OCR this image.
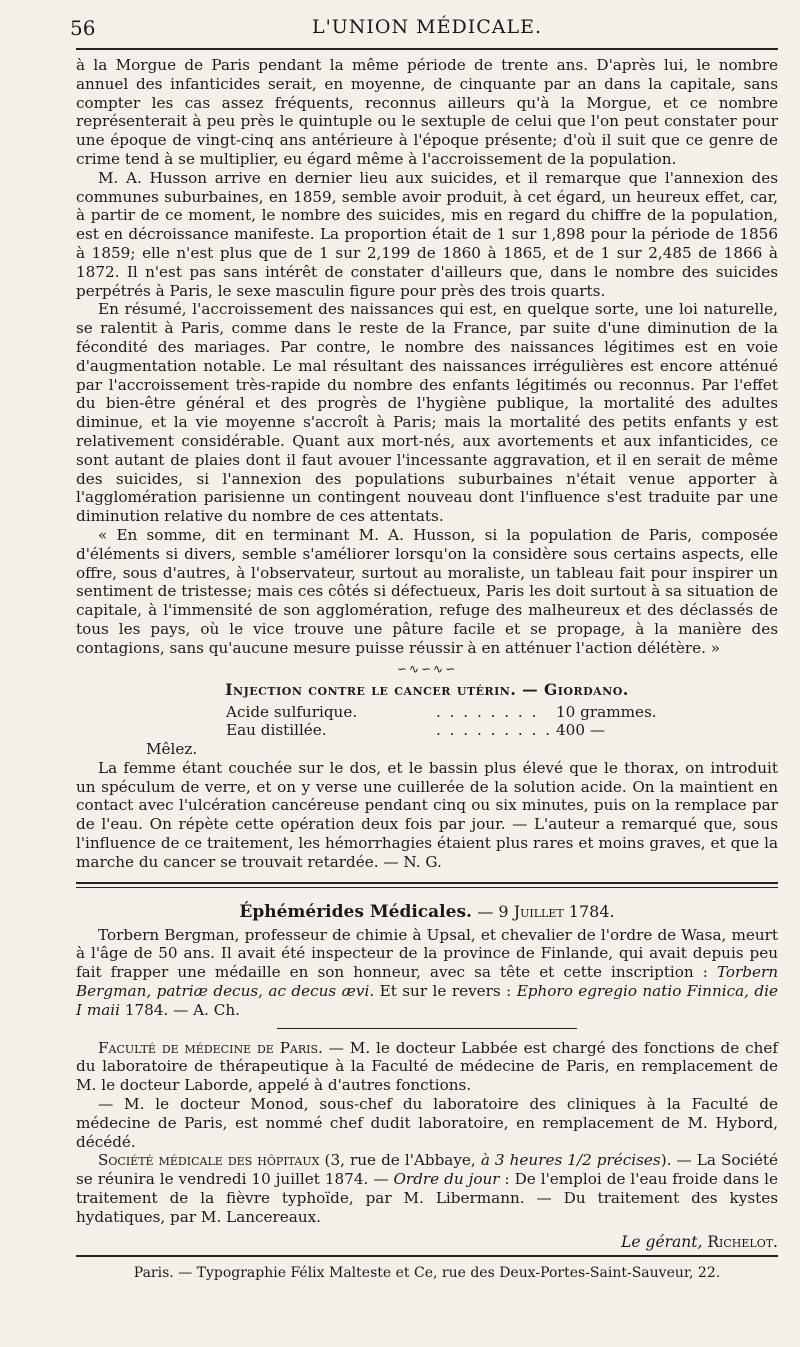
56	L'UNION MÉDICALE.

à la Morgue de Paris pendant la même période de trente ans. D'après lui, le nombre annuel des infanticides serait, en moyenne, de cinquante par an dans la capitale, sans compter les cas assez fréquents, reconnus ailleurs qu'à la Morgue, et ce nombre représenterait à peu près le quintuple ou le sextuple de celui que l'on peut constater pour une époque de vingt-cinq ans antérieure à l'époque présente; d'où il suit que ce genre de crime tend à se multiplier, eu égard même à l'accroissement de la population.

M. A. Husson arrive en dernier lieu aux suicides, et il remarque que l'annexion des communes suburbaines, en 1859, semble avoir produit, à cet égard, un heureux effet, car, à partir de ce moment, le nombre des suicides, mis en regard du chiffre de la population, est en décroissance manifeste. La proportion était de 1 sur 1,898 pour la période de 1856 à 1859; elle n'est plus que de 1 sur 2,199 de 1860 à 1865, et de 1 sur 2,485 de 1866 à 1872. Il n'est pas sans intérêt de constater d'ailleurs que, dans le nombre des suicides perpétrés à Paris, le sexe masculin figure pour près des trois quarts.

En résumé, l'accroissement des naissances qui est, en quelque sorte, une loi naturelle, se ralentit à Paris, comme dans le reste de la France, par suite d'une diminution de la fécondité des mariages. Par contre, le nombre des naissances légitimes est en voie d'augmentation notable. Le mal résultant des naissances irrégulières est encore atténué par l'accroissement très-rapide du nombre des enfants légitimés ou reconnus. Par l'effet du bien-être général et des progrès de l'hygiène publique, la mortalité des adultes diminue, et la vie moyenne s'accroît à Paris; mais la mortalité des petits enfants y est relativement considérable. Quant aux mort-nés, aux avortements et aux infanticides, ce sont autant de plaies dont il faut avouer l'incessante aggravation, et il en serait de même des suicides, si l'annexion des populations suburbaines n'était venue apporter à l'agglomération parisienne un contingent nouveau dont l'influence s'est traduite par une diminution relative du nombre de ces attentats.

« En somme, dit en terminant M. A. Husson, si la population de Paris, composée d'éléments si divers, semble s'améliorer lorsqu'on la considère sous certains aspects, elle offre, sous d'autres, à l'observateur, surtout au moraliste, un tableau fait pour inspirer un sentiment de tristesse; mais ces côtés si défectueux, Paris les doit surtout à sa situation de capitale, à l'immensité de son agglomération, refuge des malheureux et des déclassés de tous les pays, où le vice trouve une pâture facile et se propage, à la manière des contagions, sans qu'aucune mesure puisse réussir à en atténuer l'action délétère. »

∽∿∽∿∽
Injection contre le cancer utérin. — Giordano.
Acide sulfurique.	. . . . . . . .	10 grammes.
Eau distillée.	. . . . . . . . . 400 —
Mêlez.

La femme étant couchée sur le dos, et le bassin plus élevé que le thorax, on introduit un spéculum de verre, et on y verse une cuillerée de la solution acide. On la maintient en contact avec l'ulcération cancéreuse pendant cinq ou six minutes, puis on la remplace par de l'eau. On répète cette opération deux fois par jour. — L'auteur a remarqué que, sous l'influence de ce traitement, les hémorrhagies étaient plus rares et moins graves, et que la marche du cancer se trouvait retardée. — N. G.

Éphémérides Médicales. — 9 Juillet 1784.

Torbern Bergman, professeur de chimie à Upsal, et chevalier de l'ordre de Wasa, meurt à l'âge de 50 ans. Il avait été inspecteur de la province de Finlande, qui avait depuis peu fait frapper une médaille en son honneur, avec sa tête et cette inscription : Torbern Bergman, patriæ decus, ac decus ævi. Et sur le revers : Ephoro egregio natio Finnica, die I maii 1784. — A. Ch.

Faculté de médecine de Paris. — M. le docteur Labbée est chargé des fonctions de chef du laboratoire de thérapeutique à la Faculté de médecine de Paris, en remplacement de M. le docteur Laborde, appelé à d'autres fonctions.

— M. le docteur Monod, sous-chef du laboratoire des cliniques à la Faculté de médecine de Paris, est nommé chef dudit laboratoire, en remplacement de M. Hybord, décédé.

Société médicale des hôpitaux (3, rue de l'Abbaye, à 3 heures 1/2 précises). — La Société se réunira le vendredi 10 juillet 1874. — Ordre du jour : De l'emploi de l'eau froide dans le traitement de la fièvre typhoïde, par M. Libermann. — Du traitement des kystes hydatiques, par M. Lancereaux.

Le gérant, Richelot.
Paris. — Typographie Félix Malteste et Ce, rue des Deux-Portes-Saint-Sauveur, 22.
